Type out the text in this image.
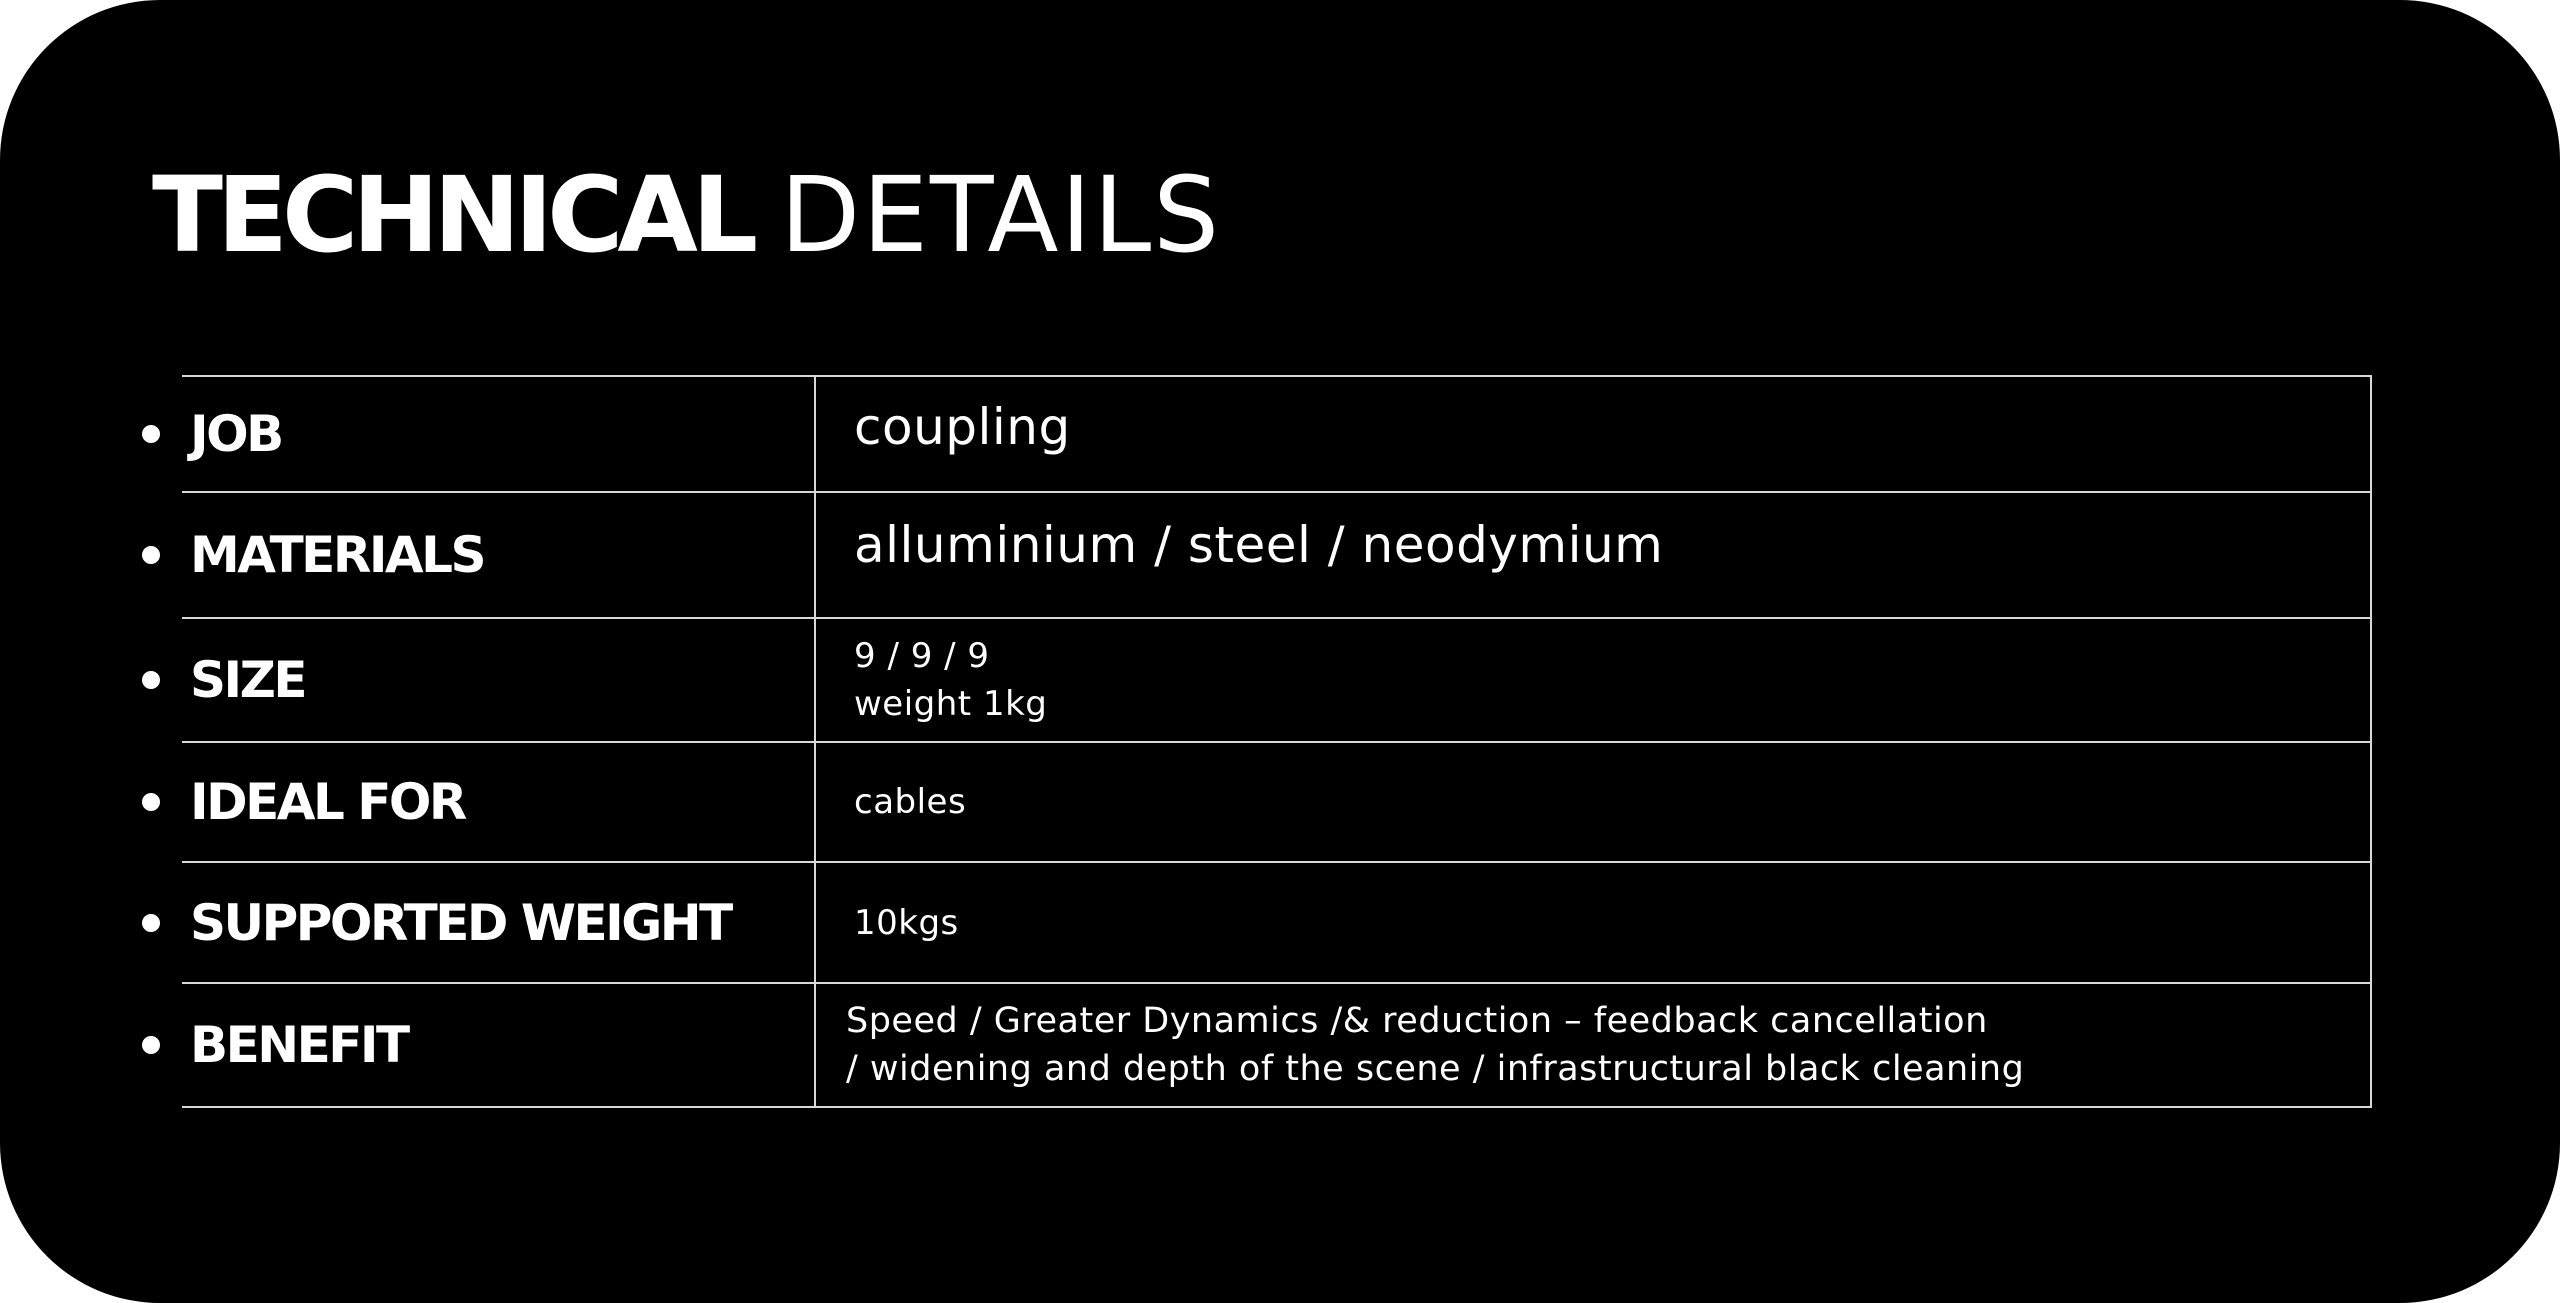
TECHNICAL DETAILS
JOB	coupling
MATERIALS	alluminium / steel / neodymium
SIZE	9 / 9 / 9
weight 1kg
IDEAL FOR	cables
SUPPORTED WEIGHT	10kgs
BENEFIT	Speed / Greater Dynamics /& reduction – feedback cancellation
/ widening and depth of the scene / infrastructural black cleaning
